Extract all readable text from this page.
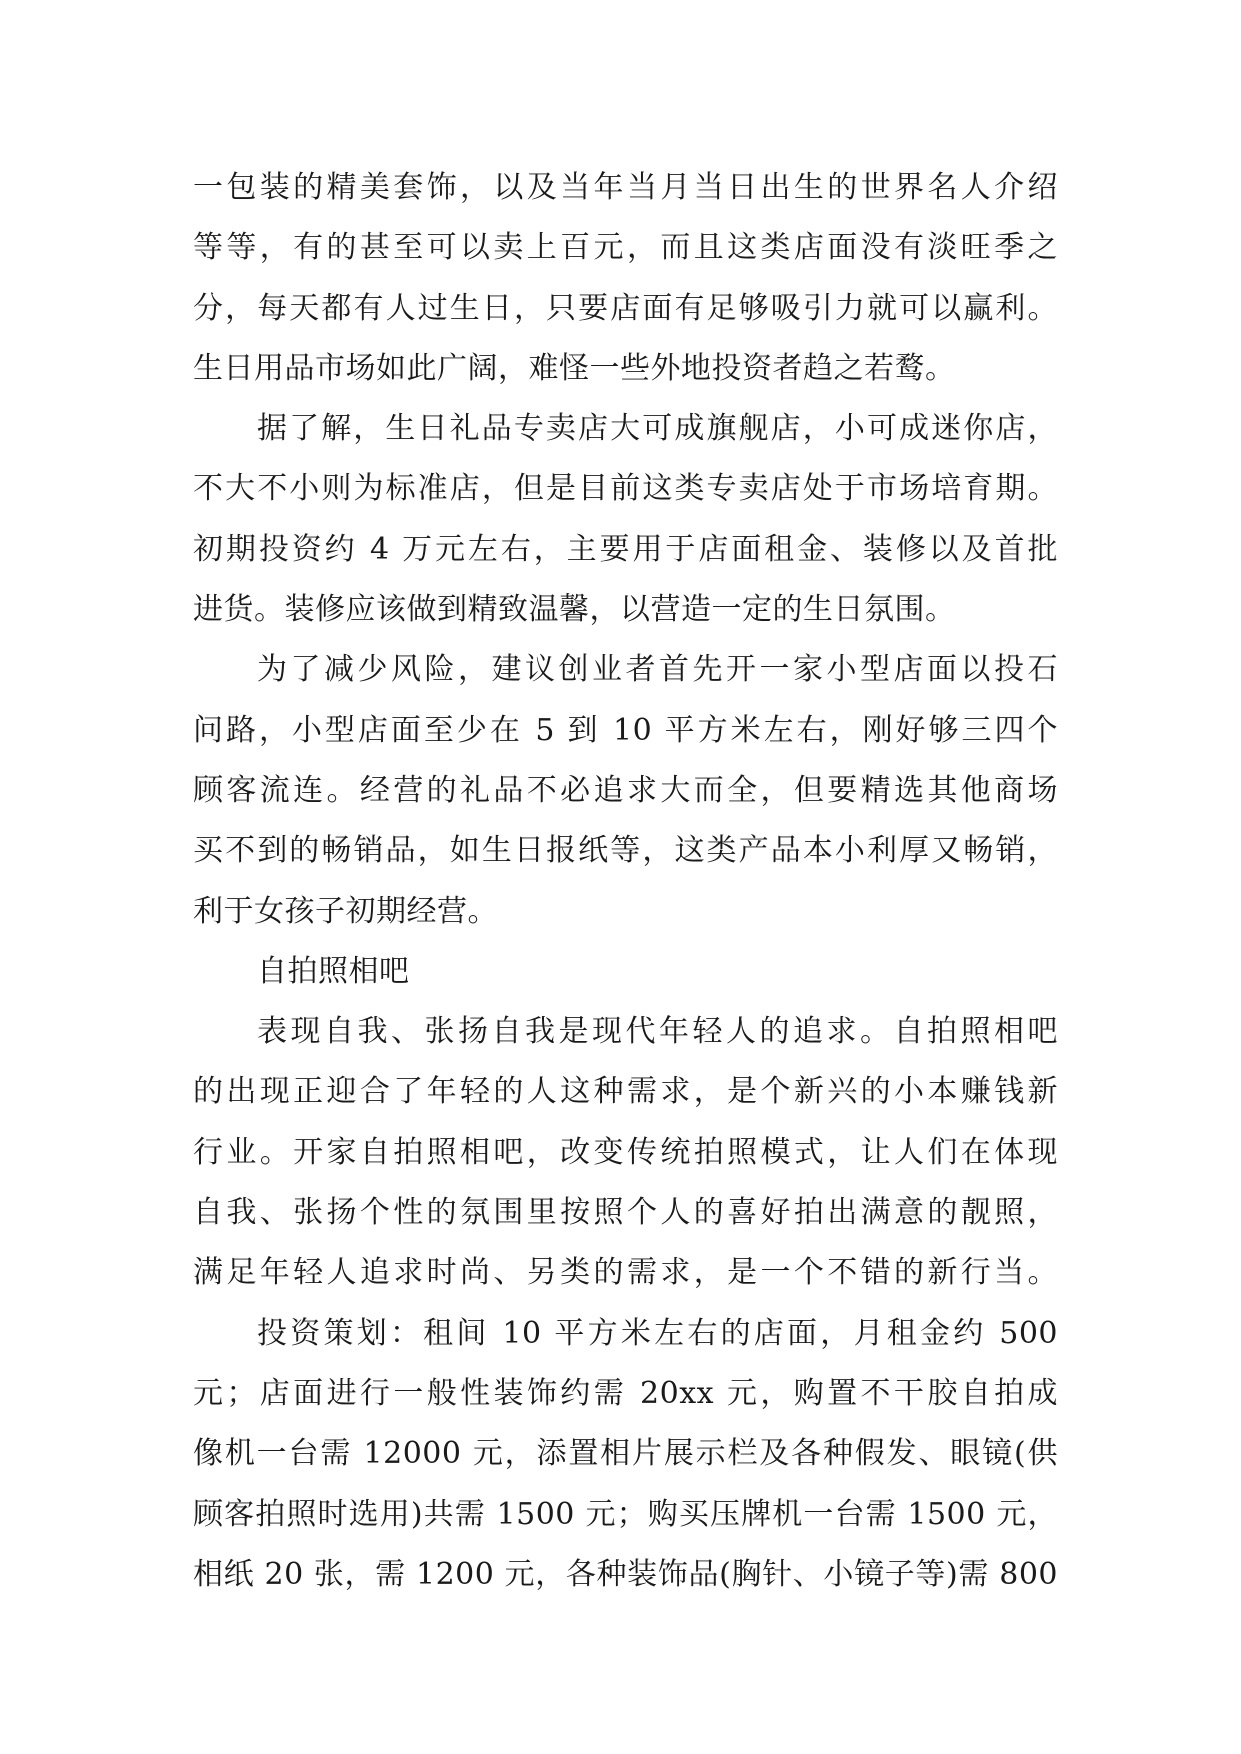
一包装的精美套饰，以及当年当月当日出生的世界名人介绍
等等，有的甚至可以卖上百元，而且这类店面没有淡旺季之
分，每天都有人过生日，只要店面有足够吸引力就可以赢利。
生日用品市场如此广阔，难怪一些外地投资者趋之若鹜。
据了解，生日礼品专卖店大可成旗舰店，小可成迷你店，
不大不小则为标准店，但是目前这类专卖店处于市场培育期。
初期投资约 4 万元左右，主要用于店面租金、装修以及首批
进货。装修应该做到精致温馨，以营造一定的生日氛围。
为了减少风险，建议创业者首先开一家小型店面以投石
问路，小型店面至少在 5 到 10 平方米左右，刚好够三四个
顾客流连。经营的礼品不必追求大而全，但要精选其他商场
买不到的畅销品，如生日报纸等，这类产品本小利厚又畅销，
利于女孩子初期经营。
自拍照相吧
表现自我、张扬自我是现代年轻人的追求。自拍照相吧
的出现正迎合了年轻的人这种需求，是个新兴的小本赚钱新
行业。开家自拍照相吧，改变传统拍照模式，让人们在体现
自我、张扬个性的氛围里按照个人的喜好拍出满意的靓照，
满足年轻人追求时尚、另类的需求，是一个不错的新行当。
投资策划：租间 10 平方米左右的店面，月租金约 500
元；店面进行一般性装饰约需 20xx 元，购置不干胶自拍成
像机一台需 12000 元，添置相片展示栏及各种假发、眼镜(供
顾客拍照时选用)共需 1500 元；购买压牌机一台需 1500 元，
相纸 20 张，需 1200 元，各种装饰品(胸针、小镜子等)需 800
